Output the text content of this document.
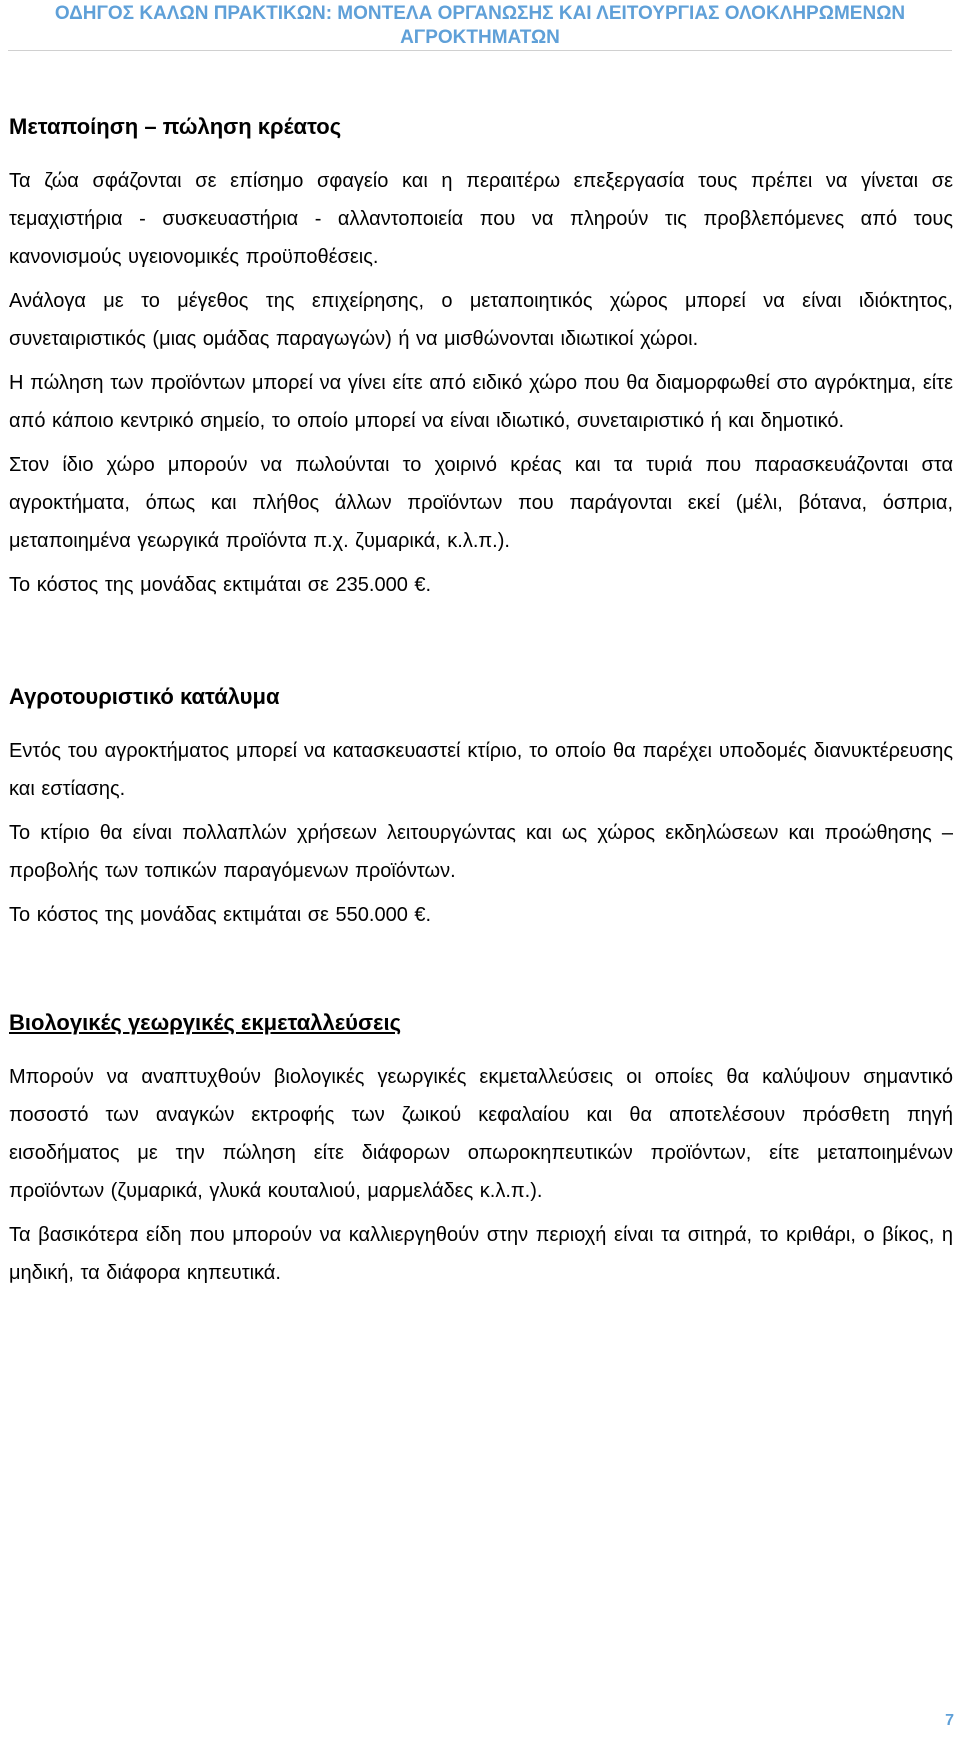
ΟΔΗΓΟΣ ΚΑΛΩΝ ΠΡΑΚΤΙΚΩΝ: ΜΟΝΤΕΛΑ ΟΡΓΑΝΩΣΗΣ ΚΑΙ ΛΕΙΤΟΥΡΓΙΑΣ ΟΛΟΚΛΗΡΩΜΕΝΩΝ
ΑΓΡΟΚΤΗΜΑΤΩΝ
Μεταποίηση – πώληση κρέατος

Τα ζώα σφάζονται σε επίσημο σφαγείο και η περαιτέρω επεξεργασία τους πρέπει να γίνεται σε τεμαχιστήρια - συσκευαστήρια - αλλαντοποιεία που να πληρούν τις προβλεπόμενες από τους κανονισμούς υγειονομικές προϋποθέσεις.

Ανάλογα με το μέγεθος της επιχείρησης, ο μεταποιητικός χώρος μπορεί να είναι ιδιόκτητος, συνεταιριστικός (μιας ομάδας παραγωγών) ή να μισθώνονται ιδιωτικοί χώροι.

Η πώληση των προϊόντων μπορεί να γίνει είτε από ειδικό χώρο που θα διαμορφωθεί στο αγρόκτημα, είτε από κάποιο κεντρικό σημείο, το οποίο μπορεί να είναι ιδιωτικό, συνεταιριστικό ή και δημοτικό.

Στον ίδιο χώρο μπορούν να πωλούνται το χοιρινό κρέας και τα τυριά που παρασκευάζονται στα αγροκτήματα, όπως και πλήθος άλλων προϊόντων που παράγονται εκεί (μέλι, βότανα, όσπρια, μεταποιημένα γεωργικά προϊόντα π.χ. ζυμαρικά, κ.λ.π.).

Το κόστος της μονάδας εκτιμάται σε 235.000 €.

Αγροτουριστικό κατάλυμα

Εντός του αγροκτήματος μπορεί να κατασκευαστεί κτίριο, το οποίο θα παρέχει υποδομές διανυκτέρευσης και εστίασης.

Το κτίριο θα είναι πολλαπλών χρήσεων λειτουργώντας και ως χώρος εκδηλώσεων και προώθησης – προβολής των τοπικών παραγόμενων προϊόντων.

Το κόστος της μονάδας εκτιμάται σε 550.000 €.

Βιολογικές γεωργικές εκμεταλλεύσεις

Μπορούν να αναπτυχθούν βιολογικές γεωργικές εκμεταλλεύσεις οι οποίες θα καλύψουν σημαντικό ποσοστό των αναγκών εκτροφής των ζωικού κεφαλαίου και θα αποτελέσουν πρόσθετη πηγή εισοδήματος με την πώληση είτε διάφορων οπωροκηπευτικών προϊόντων, είτε μεταποιημένων προϊόντων (ζυμαρικά, γλυκά κουταλιού, μαρμελάδες κ.λ.π.).

Τα βασικότερα είδη που μπορούν να καλλιεργηθούν στην περιοχή είναι τα σιτηρά, το κριθάρι, ο βίκος, η μηδική, τα διάφορα κηπευτικά.

7
